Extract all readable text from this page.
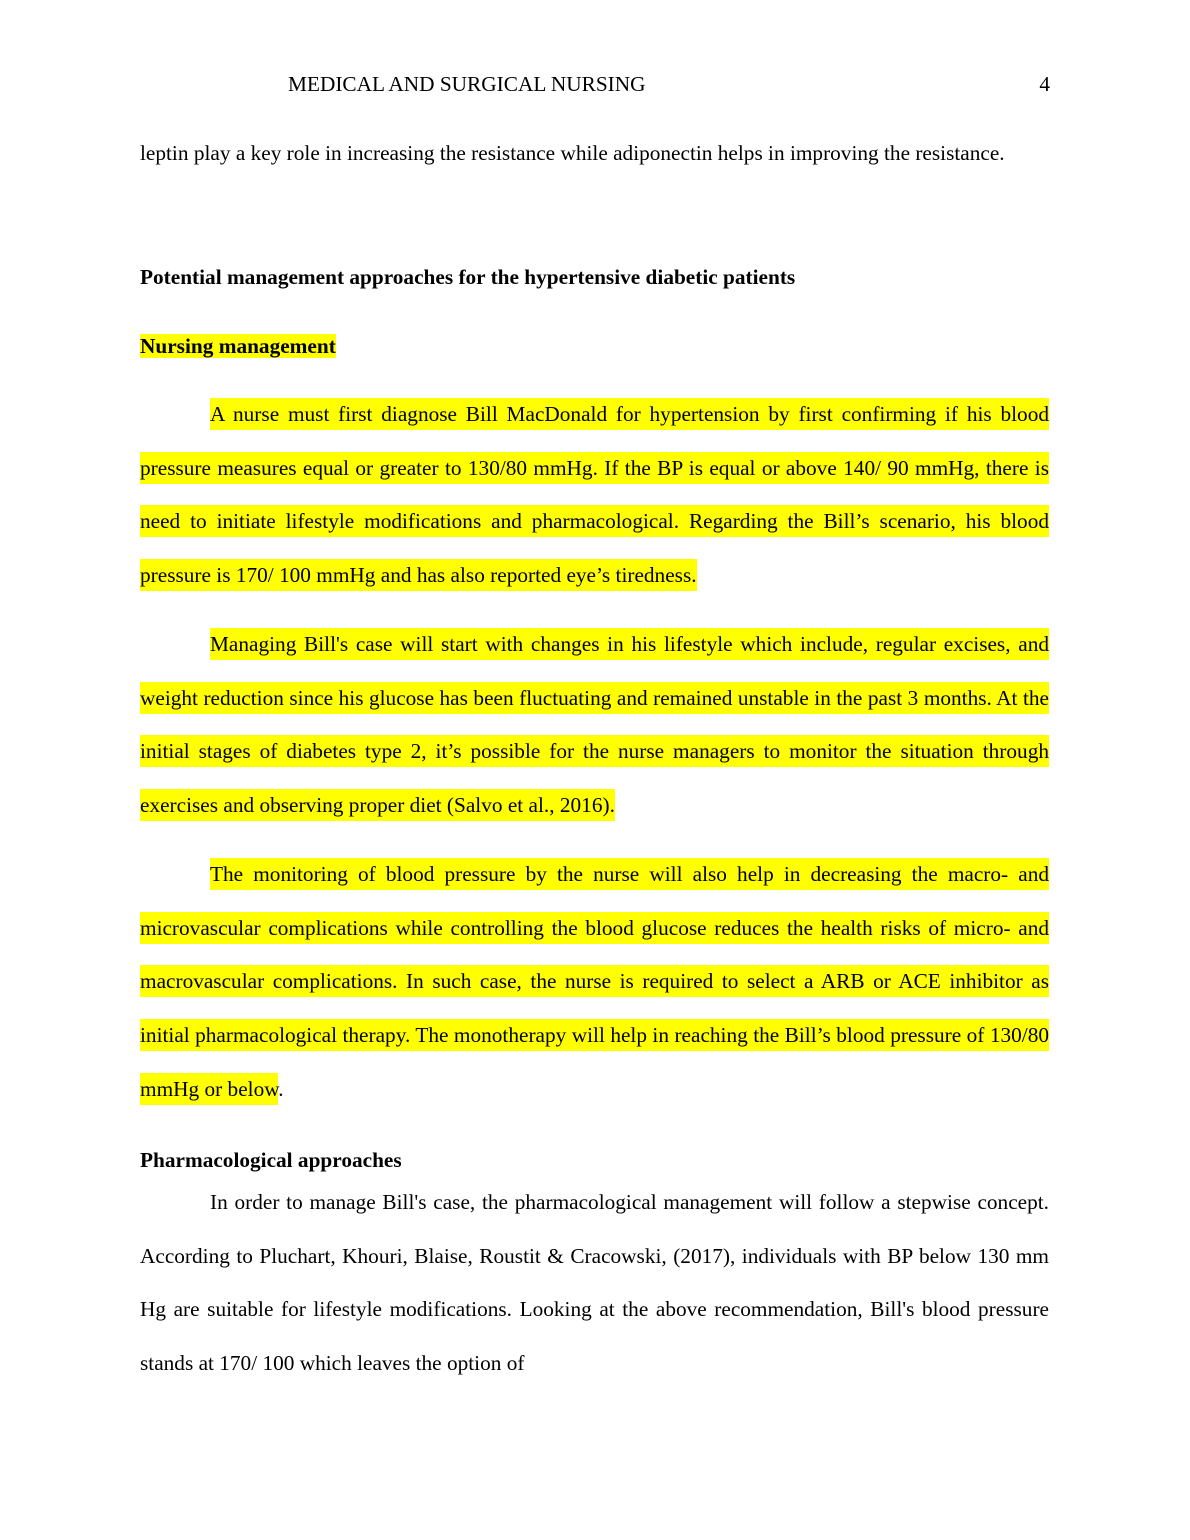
MEDICAL AND SURGICAL NURSING	4

leptin play a key role in increasing the resistance while adiponectin helps in improving the resistance.

Potential management approaches for the hypertensive diabetic patients

Nursing management

A nurse must first diagnose Bill MacDonald for hypertension by first confirming if his blood pressure measures equal or greater to 130/80 mmHg. If the BP is equal or above 140/ 90 mmHg, there is need to initiate lifestyle modifications and pharmacological. Regarding the Bill’s scenario, his blood pressure is 170/ 100 mmHg and has also reported eye’s tiredness.

Managing Bill's case will start with changes in his lifestyle which include, regular excises, and weight reduction since his glucose has been fluctuating and remained unstable in the past 3 months. At the initial stages of diabetes type 2, it’s possible for the nurse managers to monitor the situation through exercises and observing proper diet (Salvo et al., 2016).

The monitoring of blood pressure by the nurse will also help in decreasing the macro- and microvascular complications while controlling the blood glucose reduces the health risks of micro- and macrovascular complications. In such case, the nurse is required to select a ARB or ACE inhibitor as initial pharmacological therapy. The monotherapy will help in reaching the Bill’s blood pressure of 130/80 mmHg or below.

Pharmacological approaches

In order to manage Bill's case, the pharmacological management will follow a stepwise concept. According to Pluchart, Khouri, Blaise, Roustit & Cracowski, (2017), individuals with BP below 130 mm Hg are suitable for lifestyle modifications. Looking at the above recommendation, Bill's blood pressure stands at 170/ 100 which leaves the option of
